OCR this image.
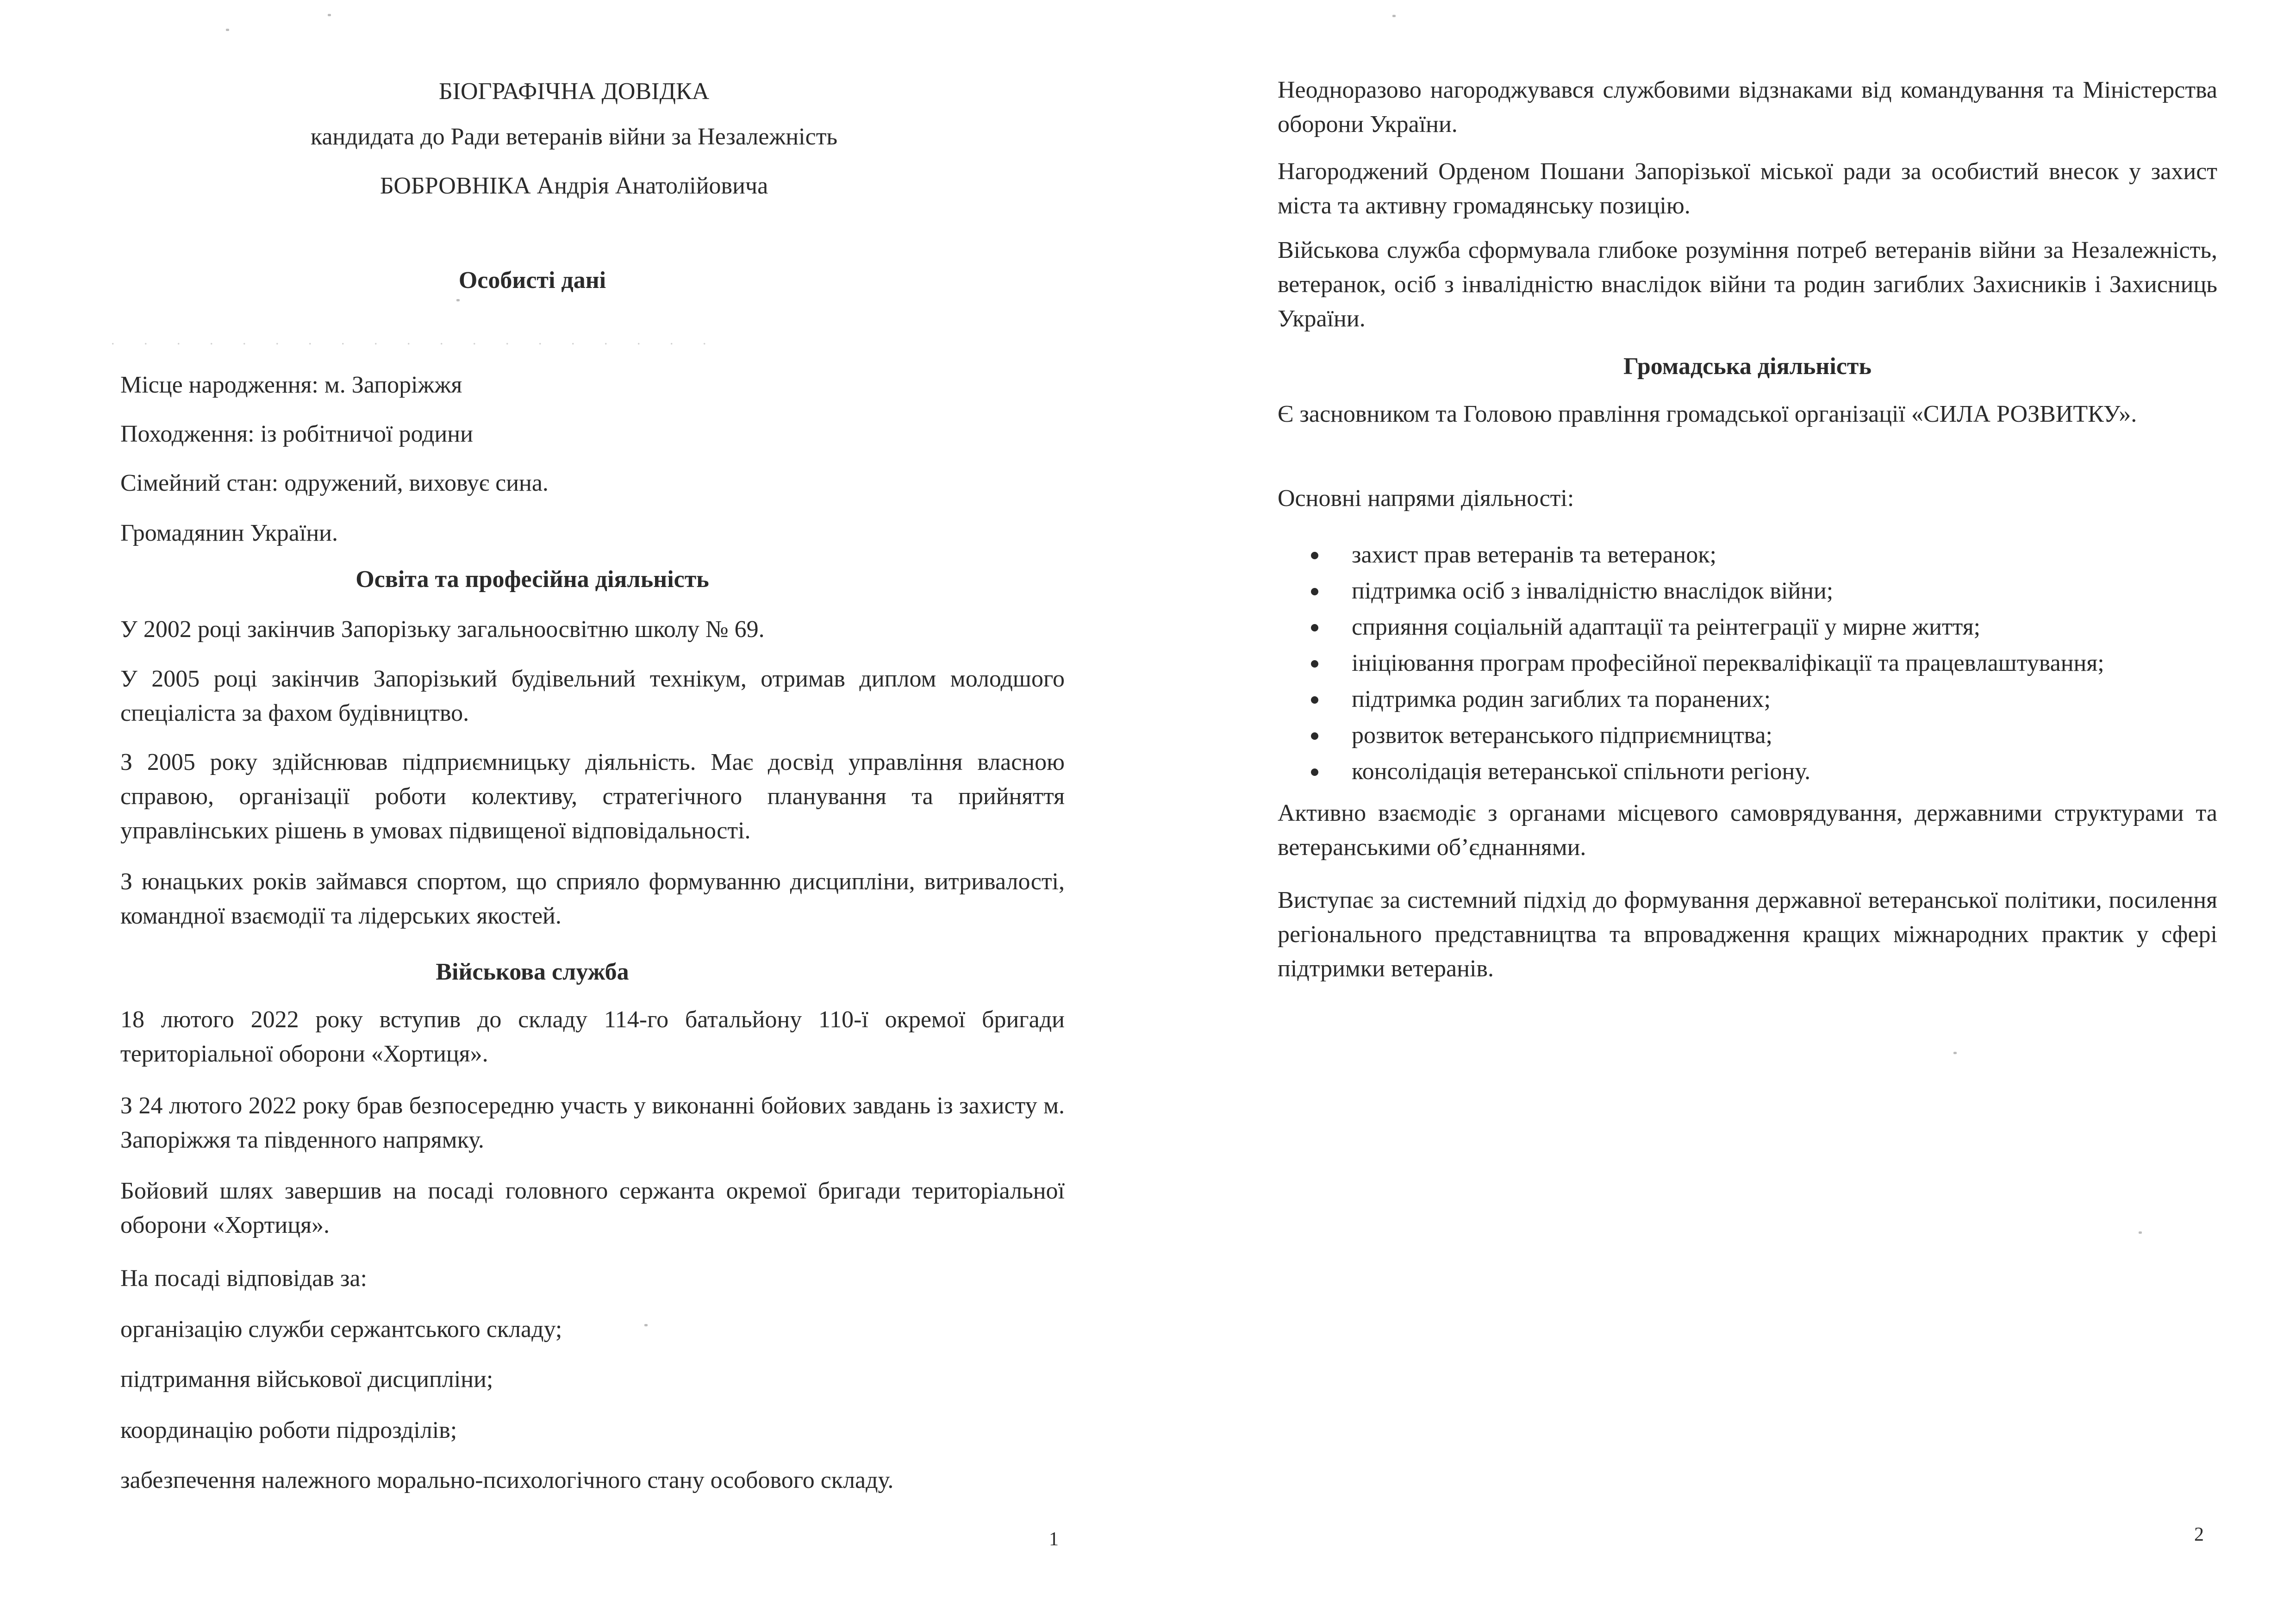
БІОГРАФІЧНА ДОВІДКА
кандидата до Ради ветеранів війни за Незалежність
БОБРОВНІКА Андрія Анатолійовича
Особисті дані
. . . . . . . . . . . . . . . . . . .

Місце народження: м. Запоріжжя

Походження: із робітничої родини

Сімейний стан: одружений, виховує сина.

Громадянин України.

Освіта та професійна діяльність

У 2002 році закінчив Запорізьку загальноосвітню школу № 69.

У 2005 році закінчив Запорізький будівельний технікум, отримав диплом молодшого спеціаліста за фахом будівництво.

З 2005 року здійснював підприємницьку діяльність. Має досвід управління власною справою, організації роботи колективу, стратегічного планування та прийняття управлінських рішень в умовах підвищеної відповідальності.

З юнацьких років займався спортом, що сприяло формуванню дисципліни, витривалості, командної взаємодії та лідерських якостей.

Військова служба

18 лютого 2022 року вступив до складу 114-го батальйону 110-ї окремої бригади територіальної оборони «Хортиця».

З 24 лютого 2022 року брав безпосередню участь у виконанні бойових завдань із захисту м. Запоріжжя та південного напрямку.

Бойовий шлях завершив на посаді головного сержанта окремої бригади територіальної оборони «Хортиця».

На посаді відповідав за:

організацію служби сержантського складу;

підтримання військової дисципліни;

координацію роботи підрозділів;

забезпечення належного морально-психологічного стану особового складу.

1

Неодноразово нагороджувався службовими відзнаками від командування та Міністерства оборони України.

Нагороджений Орденом Пошани Запорізької міської ради за особистий внесок у захист міста та активну громадянську позицію.

Військова служба сформувала глибоке розуміння потреб ветеранів війни за Незалежність, ветеранок, осіб з інвалідністю внаслідок війни та родин загиблих Захисників і Захисниць України.

Громадська діяльність

Є засновником та Головою правління громадської організації «СИЛА РОЗВИТКУ».

Основні напрями діяльності:

2
захист прав ветеранів та ветеранок;
підтримка осіб з інвалідністю внаслідок війни;
сприяння соціальній адаптації та реінтеграції у мирне життя;
ініціювання програм професійної перекваліфікації та працевлаштування;
підтримка родин загиблих та поранених;
розвиток ветеранського підприємництва;
консолідація ветеранської спільноти регіону.

Активно взаємодіє з органами місцевого самоврядування, державними структурами та ветеранськими об’єднаннями.

Виступає за системний підхід до формування державної ветеранської політики, посилення регіонального представництва та впровадження кращих міжнародних практик у сфері підтримки ветеранів.
